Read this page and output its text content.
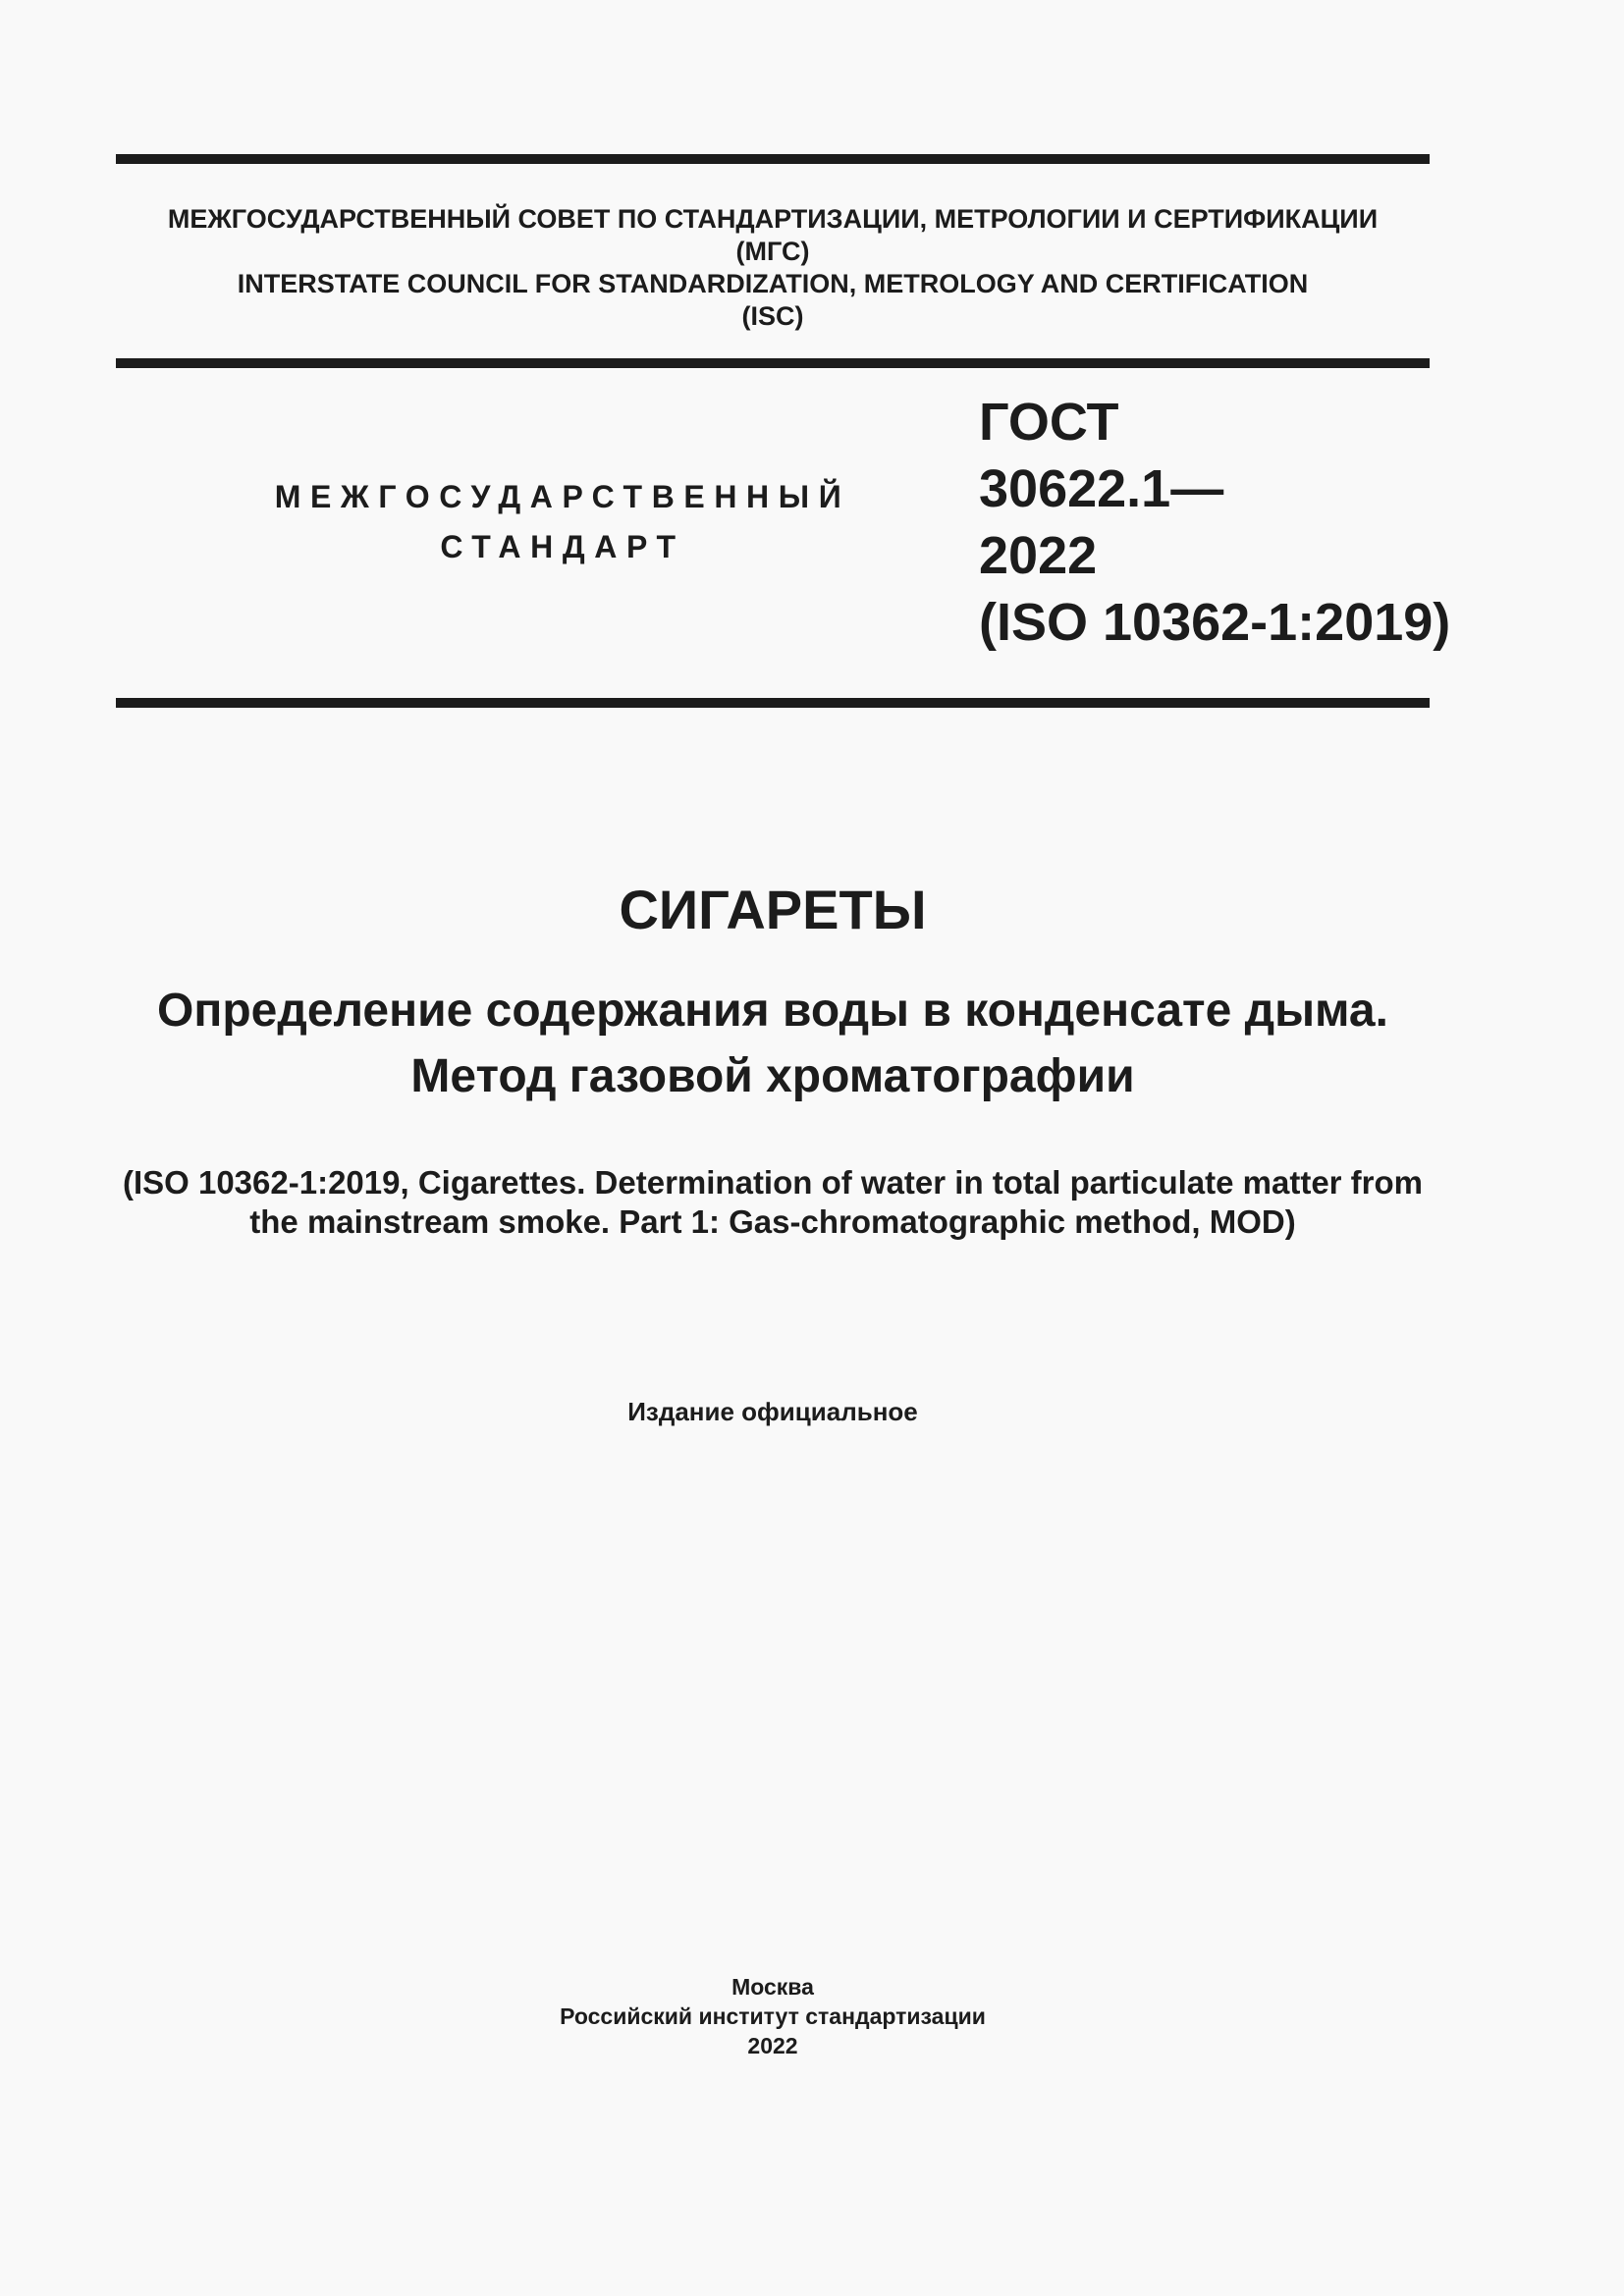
МЕЖГОСУДАРСТВЕННЫЙ СОВЕТ ПО СТАНДАРТИЗАЦИИ, МЕТРОЛОГИИ И СЕРТИФИКАЦИИ
(МГС)
INTERSTATE COUNCIL FOR STANDARDIZATION, METROLOGY AND CERTIFICATION
(ISC)
МЕЖГОСУДАРСТВЕННЫЙ
СТАНДАРТ
ГОСТ
30622.1—
2022
(ISO 10362-1:2019)
СИГАРЕТЫ
Определение содержания воды в конденсате дыма.
Метод газовой хроматографии
(ISO 10362-1:2019, Cigarettes. Determination of water in total particulate matter from
the mainstream smoke. Part 1: Gas-chromatographic method, MOD)
Издание официальное
Москва
Российский институт стандартизации
2022
